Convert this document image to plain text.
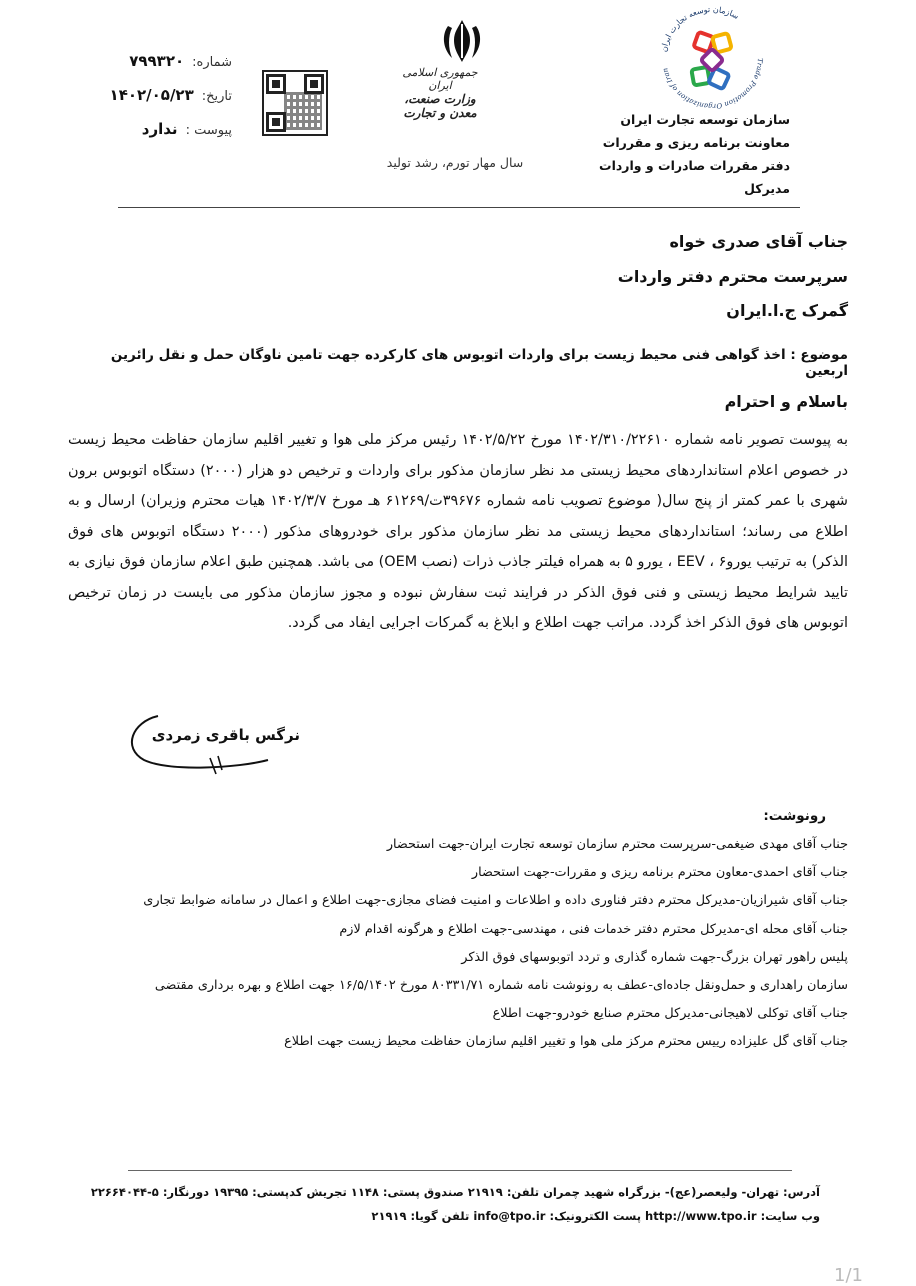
شماره:
۷۹۹۳۲۰
تاریخ:
۱۴۰۲/۰۵/۲۳
پیوست :
ندارد
جمهوری اسلامی ایران
وزارت صنعت، معدن و تجارت
سال مهار تورم، رشد تولید
سازمان توسعه تجارت ایران
Trade Promotion Organization of Iran
سازمان توسعه تجارت ایران
معاونت برنامه ریزی و مقررات
دفتر مقررات صادرات و واردات
مدیرکل
جناب آقای صدری خواه
سرپرست محترم دفتر واردات
گمرک ج.ا.ایران
موضوع : اخذ گواهی فنی محیط زیست برای واردات اتوبوس های کارکرده جهت تامین ناوگان حمل و نقل رائرین اربعین
باسلام و احترام
به پیوست تصویر نامه شماره ۱۴۰۲/۳۱۰/۲۲۶۱۰ مورخ ۱۴۰۲/۵/۲۲ رئیس مرکز ملی هوا و تغییر اقلیم سازمان حفاظت محیط زیست در خصوص اعلام استانداردهای محیط زیستی مد نظر سازمان مذکور برای واردات و ترخیص دو هزار (۲۰۰۰) دستگاه اتوبوس برون شهری با عمر کمتر از پنج سال( موضوع تصویب نامه شماره ۳۹۶۷۶ت/۶۱۲۶۹ هـ مورخ ۱۴۰۲/۳/۷ هیات محترم وزیران) ارسال و به اطلاع می رساند؛ استانداردهای محیط زیستی مد نظر سازمان مذکور برای خودروهای مذکور (۲۰۰۰ دستگاه اتوبوس های فوق الذکر) به ترتیب یورو۶ ، EEV ، یورو ۵ به همراه فیلتر جاذب ذرات (نصب OEM) می باشد. همچنین طبق اعلام سازمان فوق نیازی به تایید شرایط محیط زیستی و فنی فوق الذکر در فرایند ثبت سفارش نبوده و مجوز سازمان مذکور می بایست در زمان ترخیص اتوبوس های فوق الذکر اخذ گردد. مراتب جهت اطلاع و ابلاغ به گمرکات اجرایی ایفاد می گردد.
نرگس باقری زمردی
رونوشت:
جناب آقای مهدی ضیغمی-سرپرست محترم سازمان توسعه تجارت ایران-جهت استحضار
جناب آقای احمدی-معاون محترم برنامه ریزی و مقررات-جهت استحضار
جناب آقای شیرازیان-مدیرکل محترم دفتر فناوری داده و اطلاعات و امنیت فضای مجازی-جهت اطلاع و اعمال در سامانه ضوابط تجاری
جناب آقای محله ای-مدیرکل محترم دفتر خدمات فنی ، مهندسی-جهت اطلاع و هرگونه اقدام لازم
پلیس راهور تهران بزرگ-جهت شماره گذاری و تردد اتوبوسهای فوق الذکر
سازمان راهداری و حمل‌ونقل جاده‌ای-عطف به رونوشت نامه شماره ۸۰۳۳۱/۷۱ مورخ ۱۶/۵/۱۴۰۲ جهت اطلاع و بهره برداری مقتضی
جناب آقای توکلی لاهیجانی-مدیرکل محترم صنایع خودرو-جهت اطلاع
جناب آقای گل علیزاده رییس محترم مرکز ملی هوا و تغییر اقلیم سازمان حفاظت محیط زیست جهت اطلاع
آدرس: تهران- ولیعصر(عج)- بزرگراه شهید چمران تلفن: ۲۱۹۱۹ صندوق پستی: ۱۱۴۸ تجریش کدپستی: ۱۹۳۹۵ دورنگار: ۵-۲۲۶۶۴۰۴۴
وب سایت: http://www.tpo.ir پست الکترونیک: info@tpo.ir تلفن گویا: ۲۱۹۱۹
1/1
